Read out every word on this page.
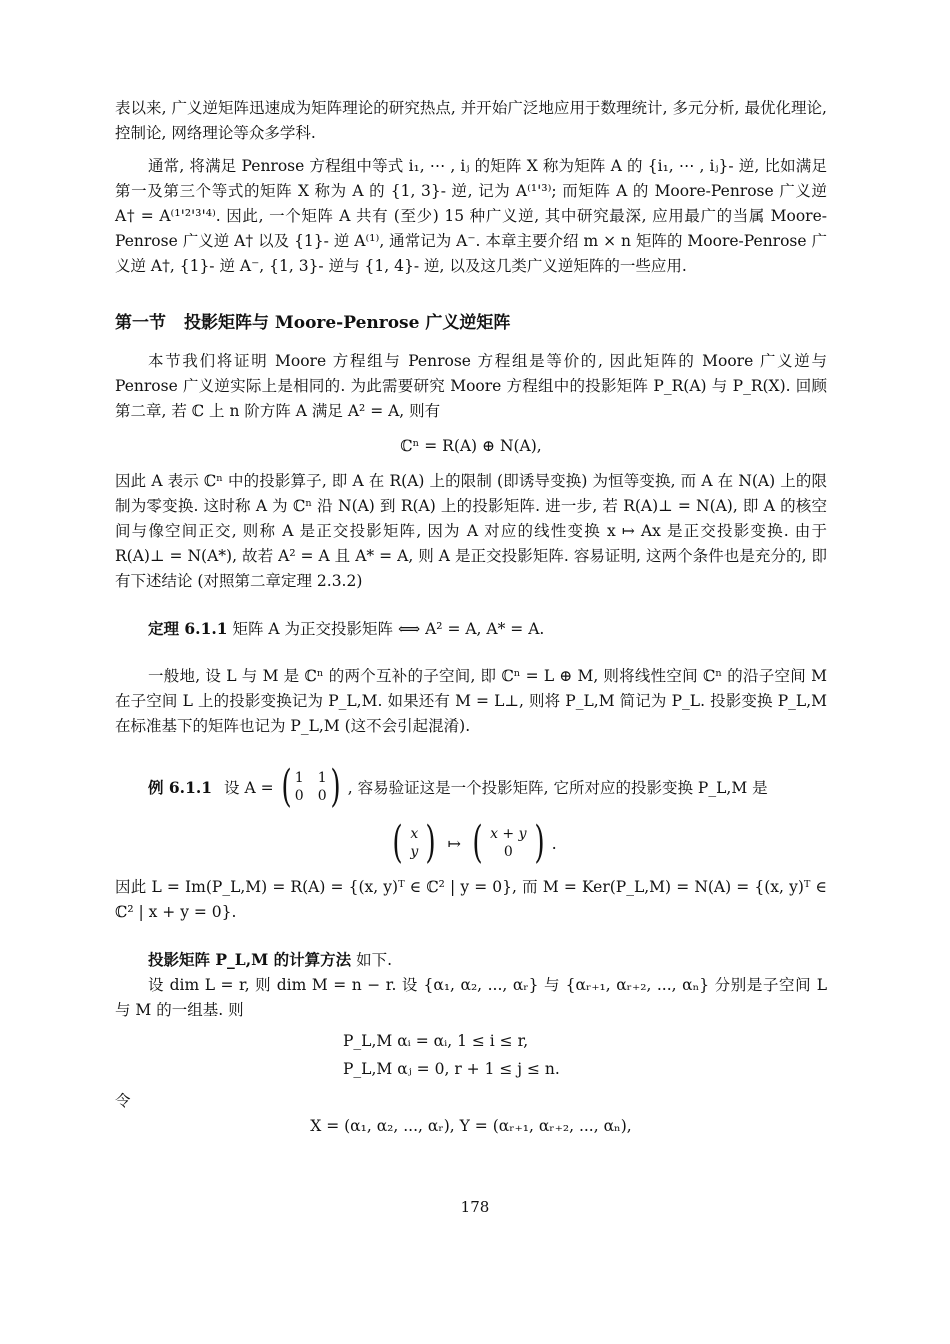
表以来, 广义逆矩阵迅速成为矩阵理论的研究热点, 并开始广泛地应用于数理统计, 多元分析, 最优化理论, 控制论, 网络理论等众多学科.

通常, 将满足 Penrose 方程组中等式 i₁, ⋯ , iⱼ 的矩阵 X 称为矩阵 A 的 {i₁, ⋯ , iⱼ}- 逆, 比如满足第一及第三个等式的矩阵 X 称为 A 的 {1, 3}- 逆, 记为 A⁽¹'³⁾; 而矩阵 A 的 Moore-Penrose 广义逆 A† = A⁽¹'²'³'⁴⁾. 因此, 一个矩阵 A 共有 (至少) 15 种广义逆, 其中研究最深, 应用最广的当属 Moore-Penrose 广义逆 A† 以及 {1}- 逆 A⁽¹⁾, 通常记为 A⁻. 本章主要介绍 m × n 矩阵的 Moore-Penrose 广义逆 A†, {1}- 逆 A⁻, {1, 3}- 逆与 {1, 4}- 逆, 以及这几类广义逆矩阵的一些应用.

第一节 投影矩阵与 Moore-Penrose 广义逆矩阵

本节我们将证明 Moore 方程组与 Penrose 方程组是等价的, 因此矩阵的 Moore 广义逆与 Penrose 广义逆实际上是相同的. 为此需要研究 Moore 方程组中的投影矩阵 P_R(A) 与 P_R(X). 回顾第二章, 若 ℂ 上 n 阶方阵 A 满足 A² = A, 则有

ℂⁿ = R(A) ⊕ N(A),

因此 A 表示 ℂⁿ 中的投影算子, 即 A 在 R(A) 上的限制 (即诱导变换) 为恒等变换, 而 A 在 N(A) 上的限制为零变换. 这时称 A 为 ℂⁿ 沿 N(A) 到 R(A) 上的投影矩阵. 进一步, 若 R(A)⊥ = N(A), 即 A 的核空间与像空间正交, 则称 A 是正交投影矩阵, 因为 A 对应的线性变换 x ↦ Ax 是正交投影变换. 由于 R(A)⊥ = N(A*), 故若 A² = A 且 A* = A, 则 A 是正交投影矩阵. 容易证明, 这两个条件也是充分的, 即有下述结论 (对照第二章定理 2.3.2)

定理 6.1.1 矩阵 A 为正交投影矩阵 ⟺ A² = A, A* = A.

一般地, 设 L 与 M 是 ℂⁿ 的两个互补的子空间, 即 ℂⁿ = L ⊕ M, 则将线性空间 ℂⁿ 的沿子空间 M 在子空间 L 上的投影变换记为 P_L,M. 如果还有 M = L⊥, 则将 P_L,M 简记为 P_L. 投影变换 P_L,M 在标准基下的矩阵也记为 P_L,M (这不会引起混淆).

例 6.1.1 设 A = ( 1 1
0 0 ) , 容易验证这是一个投影矩阵, 它所对应的投影变换 P_L,M 是
( x
y ) ↦ ( x + y
0 ) .

因此 L = Im(P_L,M) = R(A) = {(x, y)ᵀ ∈ ℂ² | y = 0}, 而 M = Ker(P_L,M) = N(A) = {(x, y)ᵀ ∈ ℂ² | x + y = 0}.

投影矩阵 P_L,M 的计算方法 如下.

设 dim L = r, 则 dim M = n − r. 设 {α₁, α₂, ..., αᵣ} 与 {αᵣ₊₁, αᵣ₊₂, ..., αₙ} 分别是子空间 L 与 M 的一组基. 则

P_L,M αᵢ = αᵢ, 1 ≤ i ≤ r,
P_L,M αⱼ = 0, r + 1 ≤ j ≤ n.

令

X = (α₁, α₂, ..., αᵣ), Y = (αᵣ₊₁, αᵣ₊₂, ..., αₙ),
178
